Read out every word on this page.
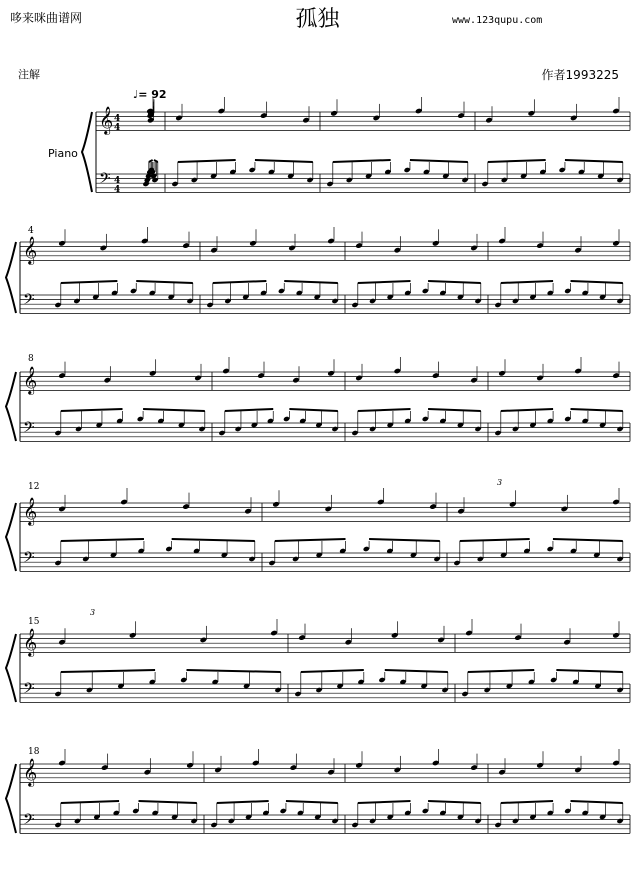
哆来咪曲谱网	孤独	www.123qupu.com
注解	作者1993225
Piano
♩= 92
4
8
12
15
18
𝄞 4
4
𝄢 4
4
𝄞
𝄢
𝄞
𝄢
𝄞
𝄢
𝄞
𝄢
𝄞
𝄢
3
3
